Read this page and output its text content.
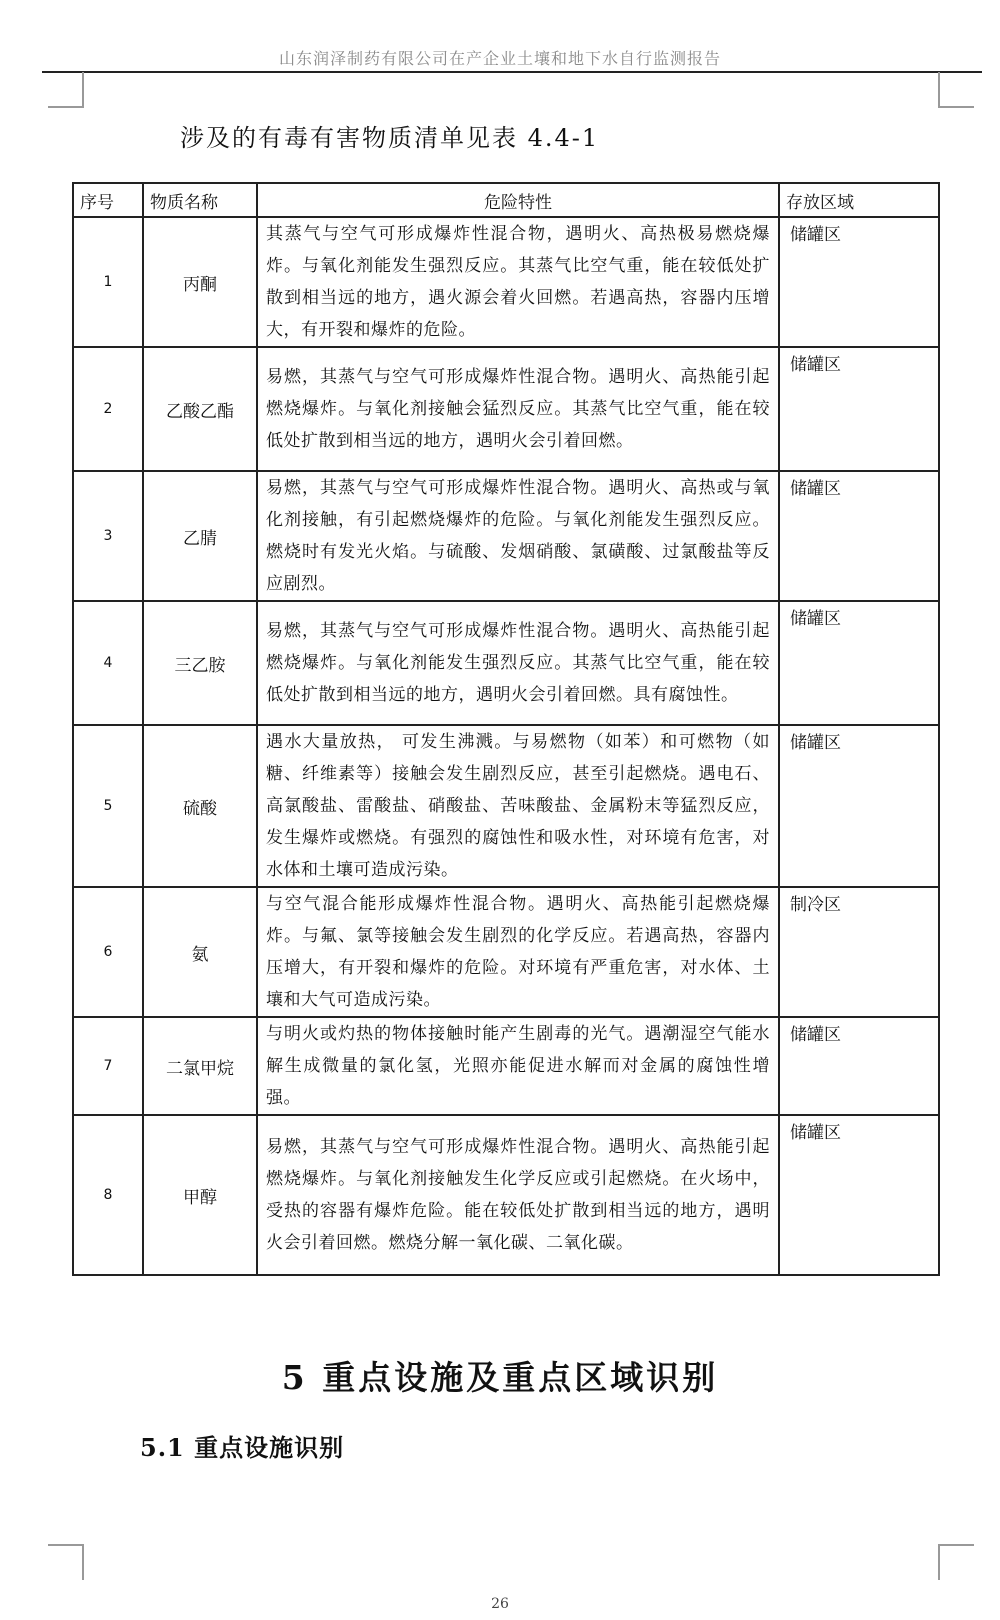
山东润泽制药有限公司在产企业土壤和地下水自行监测报告
涉及的有毒有害物质清单见表 4.4-1
序号	物质名称	危险特性	存放区域
1	丙酮	其蒸气与空气可形成爆炸性混合物，遇明火、高热极易燃烧爆炸。与氧化剂能发生强烈反应。其蒸气比空气重，能在较低处扩散到相当远的地方，遇火源会着火回燃。若遇高热，容器内压增大，有开裂和爆炸的危险。	储罐区
2	乙酸乙酯	易燃，其蒸气与空气可形成爆炸性混合物。遇明火、高热能引起燃烧爆炸。与氧化剂接触会猛烈反应。其蒸气比空气重，能在较低处扩散到相当远的地方，遇明火会引着回燃。	储罐区
3	乙腈	易燃，其蒸气与空气可形成爆炸性混合物。遇明火、高热或与氧化剂接触，有引起燃烧爆炸的危险。与氧化剂能发生强烈反应。燃烧时有发光火焰。与硫酸、发烟硝酸、氯磺酸、过氯酸盐等反应剧烈。	储罐区
4	三乙胺	易燃，其蒸气与空气可形成爆炸性混合物。遇明火、高热能引起燃烧爆炸。与氧化剂能发生强烈反应。其蒸气比空气重，能在较低处扩散到相当远的地方，遇明火会引着回燃。具有腐蚀性。	储罐区
5	硫酸	遇水大量放热， 可发生沸溅。与易燃物（如苯）和可燃物（如糖、纤维素等）接触会发生剧烈反应，甚至引起燃烧。遇电石、高氯酸盐、雷酸盐、硝酸盐、苦味酸盐、金属粉末等猛烈反应，发生爆炸或燃烧。有强烈的腐蚀性和吸水性，对环境有危害，对水体和土壤可造成污染。	储罐区
6	氨	与空气混合能形成爆炸性混合物。遇明火、高热能引起燃烧爆炸。与氟、氯等接触会发生剧烈的化学反应。若遇高热，容器内压增大，有开裂和爆炸的危险。对环境有严重危害，对水体、土壤和大气可造成污染。	制冷区
7	二氯甲烷	与明火或灼热的物体接触时能产生剧毒的光气。遇潮湿空气能水解生成微量的氯化氢，光照亦能促进水解而对金属的腐蚀性增强。	储罐区
8	甲醇	易燃，其蒸气与空气可形成爆炸性混合物。遇明火、高热能引起燃烧爆炸。与氧化剂接触发生化学反应或引起燃烧。在火场中，受热的容器有爆炸危险。能在较低处扩散到相当远的地方，遇明火会引着回燃。燃烧分解一氧化碳、二氧化碳。	储罐区
5 重点设施及重点区域识别
5.1 重点设施识别
26
